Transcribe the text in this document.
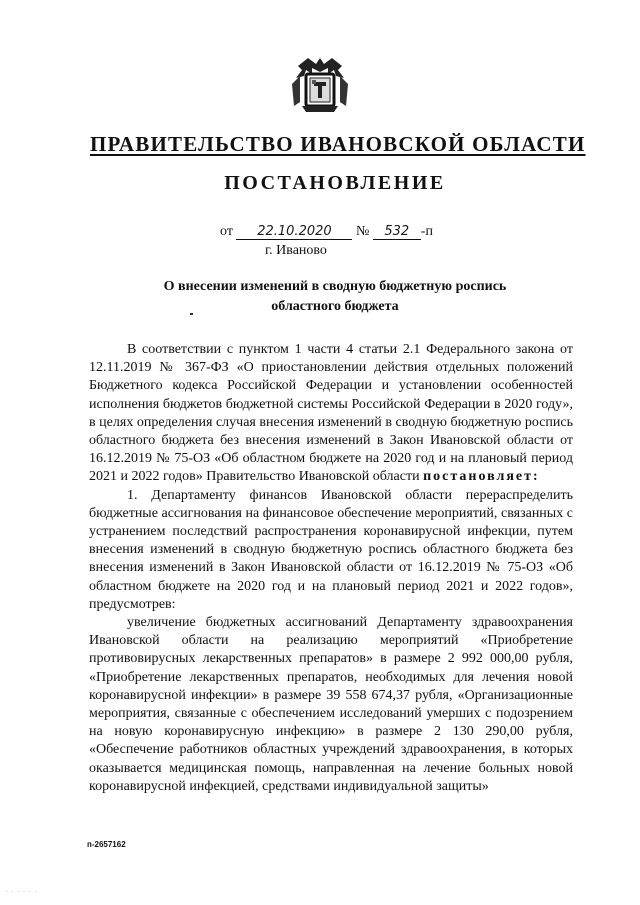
ПРАВИТЕЛЬСТВО ИВАНОВСКОЙ ОБЛАСТИ
ПОСТАНОВЛЕНИЕ
от 22.10.2020 № 532 -п
г. Иваново
О внесении изменений в сводную бюджетную роспись
областного бюджета

В соответствии с пунктом 1 части 4 статьи 2.1 Федерального закона от 12.11.2019 № 367-ФЗ «О приостановлении действия отдельных положений Бюджетного кодекса Российской Федерации и установлении особенностей исполнения бюджетов бюджетной системы Российской Федерации в 2020 году», в целях определения случая внесения изменений в сводную бюджетную роспись областного бюджета без внесения изменений в Закон Ивановской области от 16.12.2019 № 75-ОЗ «Об областном бюджете на 2020 год и на плановый период 2021 и 2022 годов» Правительство Ивановской области постановляет:

1. Департаменту финансов Ивановской области перераспределить бюджетные ассигнования на финансовое обеспечение мероприятий, связанных с устранением последствий распространения коронавирусной инфекции, путем внесения изменений в сводную бюджетную роспись областного бюджета без внесения изменений в Закон Ивановской области от 16.12.2019 № 75-ОЗ «Об областном бюджете на 2020 год и на плановый период 2021 и 2022 годов», предусмотрев:

увеличение бюджетных ассигнований Департаменту здравоохранения Ивановской области на реализацию мероприятий «Приобретение противовирусных лекарственных препаратов» в размере 2 992 000,00 рубля, «Приобретение лекарственных препаратов, необходимых для лечения новой коронавирусной инфекции» в размере 39 558 674,37 рубля, «Организационные мероприятия, связанные с обеспечением исследований умерших с подозрением на новую коронавирусную инфекцию» в размере 2 130 290,00 рубля, «Обеспечение работников областных учреждений здравоохранения, в которых оказывается медицинская помощь, направленная на лечение больных новой коронавирусной инфекцией, средствами индивидуальной защиты»

п-2657162
· · · · · ·
